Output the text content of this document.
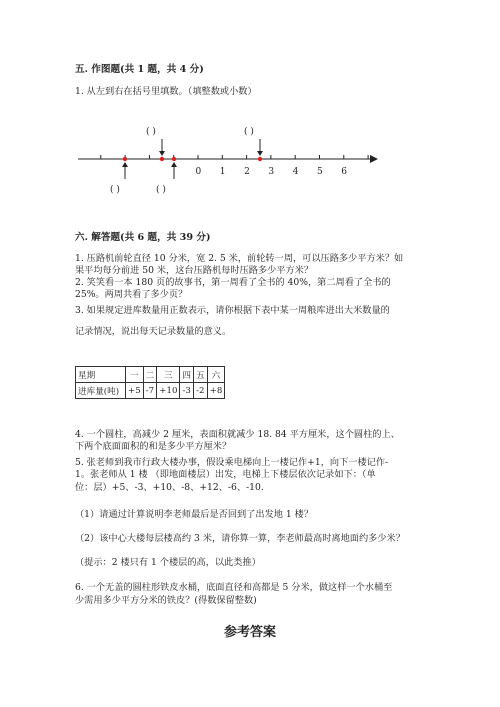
五. 作图题(共 1 题，共 4 分)
1. 从左到右在括号里填数。（填整数或小数）
( )	( )
( )	( )
0 1 2 3 4 5 6
六. 解答题(共 6 题，共 39 分)
1. 压路机前轮直径 10 分米，宽 2. 5 米，前轮转一周，可以压路多少平方米？如
果平均每分前进 50 米，这台压路机每时压路多少平方米？
2. 笑笑看一本 180 页的故事书，第一周看了全书的 40%，第二周看了全书的
25%。两周共看了多少页？
3. 如果规定进库数量用正数表示，请你根据下表中某一周粮库进出大米数量的
记录情况，说出每天记录数量的意义。
星期	一	二	三	四	五	六
进库量(吨)	+5	-7	+10	-3	-2	+8
4. 一个圆柱，高减少 2 厘米，表面积就减少 18. 84 平方厘米，这个圆柱的上、
下两个底面面积的和是多少平方厘米？
5. 张老师到我市行政大楼办事，假设乘电梯向上一楼记作+1，向下一楼记作-
1。张老师从 1 楼 （即地面楼层）出发，电梯上下楼层依次记录如下：（单
位：层）+5、-3、+10、-8、+12、-6、-10.
（1）请通过计算说明李老师最后是否回到了出发地 1 楼？
（2）该中心大楼每层楼高约 3 米，请你算一算，李老师最高时离地面约多少米？
（提示：2 楼只有 1 个楼层的高，以此类推）
6. 一个无盖的圆柱形铁皮水桶，底面直径和高都是 5 分米，做这样一个水桶至
少需用多少平方分米的铁皮？(得数保留整数)
参考答案
